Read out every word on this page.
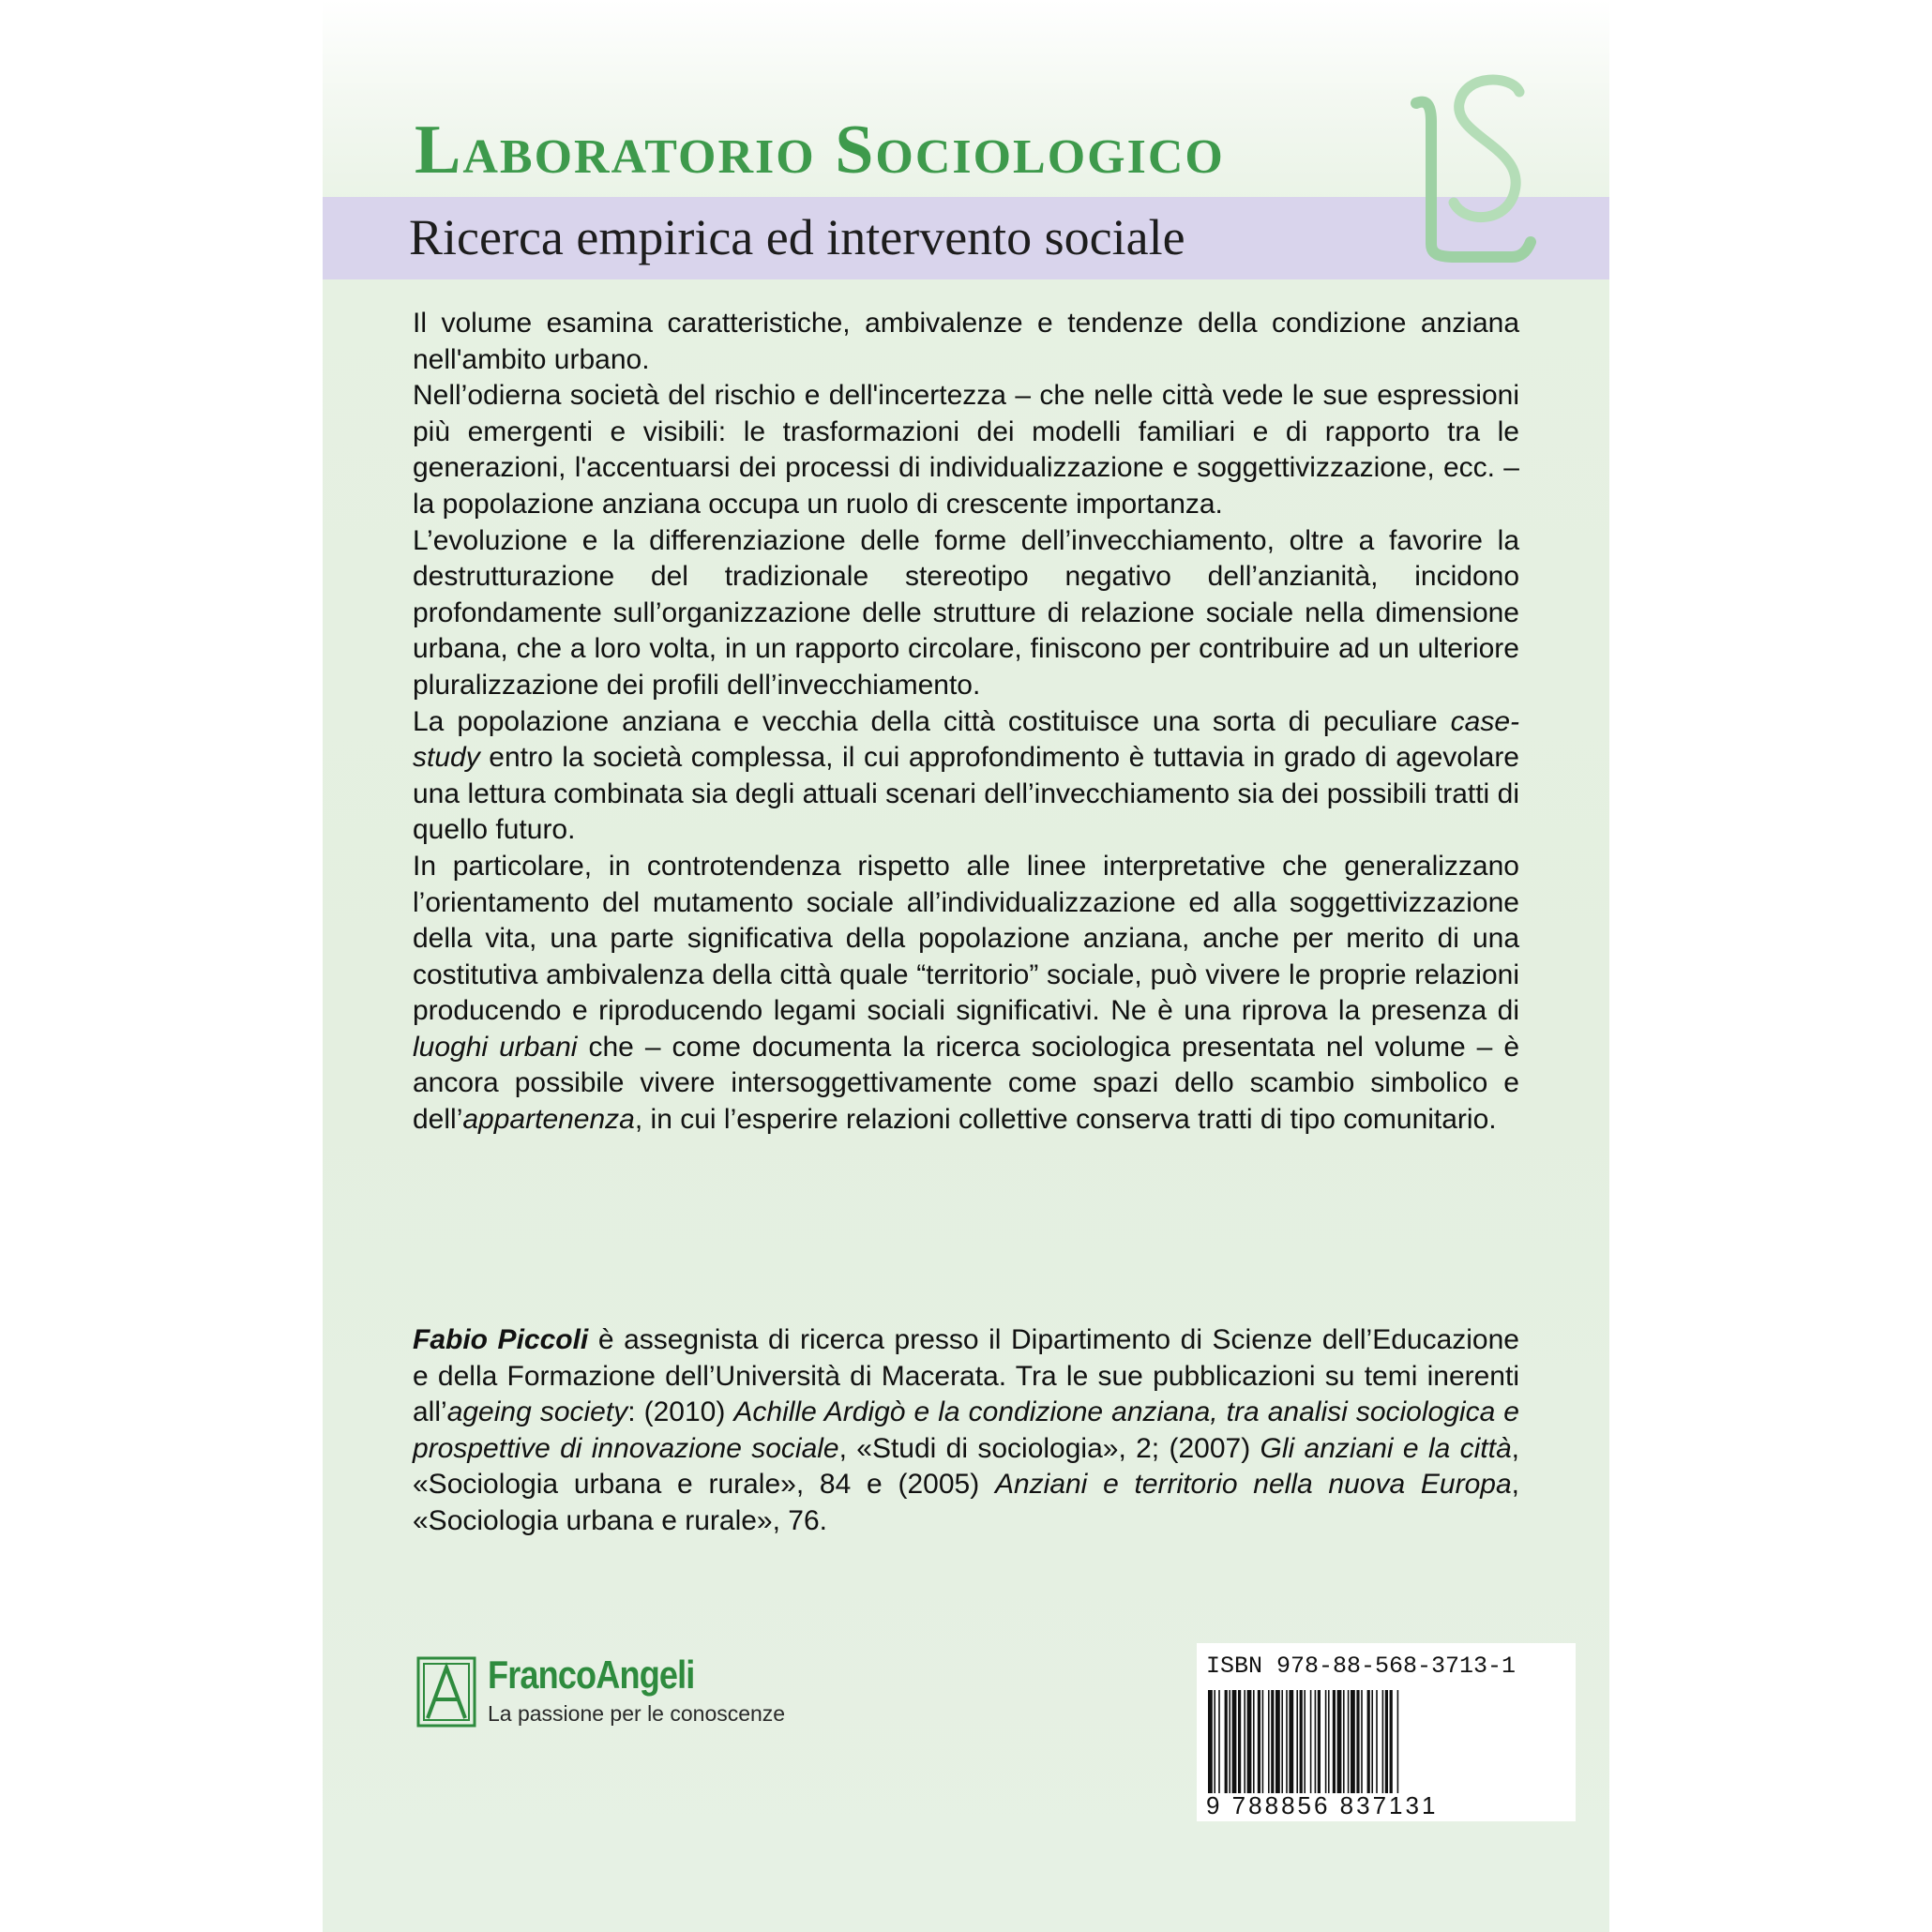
Laboratorio Sociologico
Ricerca empirica ed intervento sociale

Il volume esamina caratteristiche, ambivalenze e tendenze della condizione anziana nell'ambito urbano.

Nell’odierna società del rischio e dell'incertezza – che nelle città vede le sue espressioni più emergenti e visibili: le trasformazioni dei modelli familiari e di rapporto tra le generazioni, l'accentuarsi dei processi di individualizzazione e soggettivizzazione, ecc. – la popolazione anziana occupa un ruolo di crescente importanza.

L’evoluzione e la differenziazione delle forme dell’invecchiamento, oltre a favorire la destrutturazione del tradizionale stereotipo negativo dell’anzianità, incidono profondamente sull’organizzazione delle strutture di relazione sociale nella dimensione urbana, che a loro volta, in un rapporto circolare, finiscono per contribuire ad un ulteriore pluralizzazione dei profili dell’invecchiamento.

La popolazione anziana e vecchia della città costituisce una sorta di peculiare case-study entro la società complessa, il cui approfondimento è tuttavia in grado di agevolare una lettura combinata sia degli attuali scenari dell’invecchiamento sia dei possibili tratti di quello futuro.

In particolare, in controtendenza rispetto alle linee interpretative che generalizzano l’orientamento del mutamento sociale all’individualizzazione ed alla soggettivizzazione della vita, una parte significativa della popolazione anziana, anche per merito di una costitutiva ambivalenza della città quale “territorio” sociale, può vivere le proprie relazioni producendo e riproducendo legami sociali significativi. Ne è una riprova la presenza di luoghi urbani che – come documenta la ricerca sociologica presentata nel volume – è ancora possibile vivere intersoggettivamente come spazi dello scambio simbolico e dell’appartenenza, in cui l’esperire relazioni collettive conserva tratti di tipo comunitario.

Fabio Piccoli è assegnista di ricerca presso il Dipartimento di Scienze dell’Educazione e della Formazione dell’Università di Macerata. Tra le sue pubblicazioni su temi inerenti all’ageing society: (2010) Achille Ardigò e la condizione anziana, tra analisi sociologica e prospettive di innovazione sociale, «Studi di sociologia», 2; (2007) Gli anziani e la città, «Sociologia urbana e rurale», 84 e (2005) Anziani e territorio nella nuova Europa, «Sociologia urbana e rurale», 76.

FrancoAngeli
La passione per le conoscenze
ISBN 978-88-568-3713-1
9 788856 837131
